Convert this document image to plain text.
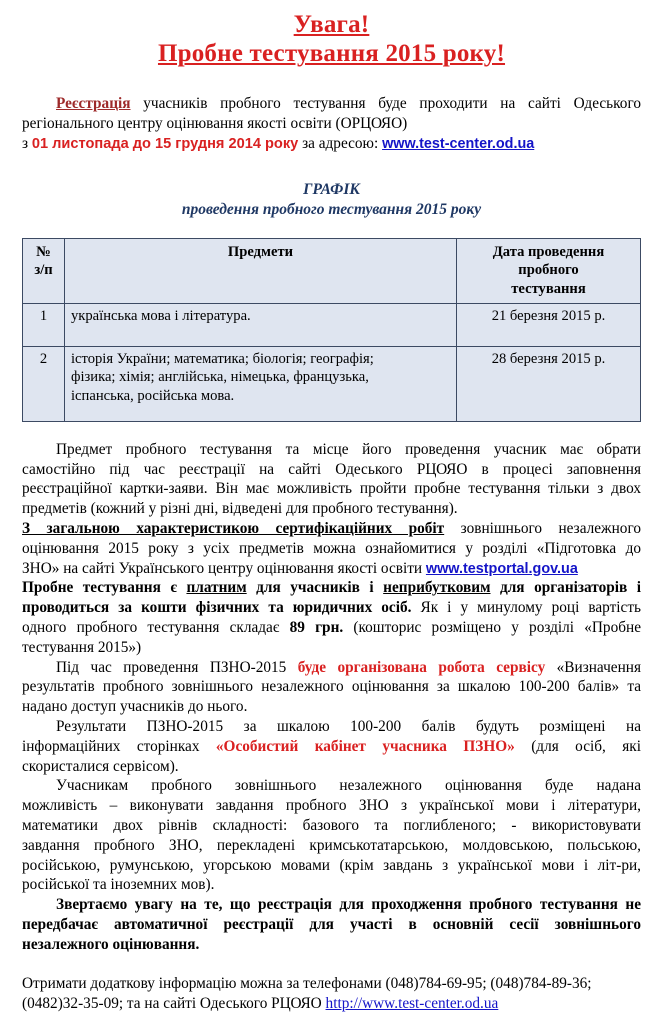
Увага!
Пробне тестування 2015 року!
Реєстрація учасників пробного тестування буде проходити на сайті Одеського
регіонального центру оцінювання якості освіти (ОРЦОЯО)
з 01 листопада до 15 грудня 2014 року за адресою: www.test-center.od.ua
ГРАФІК
проведення пробного тестування 2015 року
№
з/п	Предмети	Дата проведення пробного
тестування
1	українська мова і література.	21 березня 2015 р.
2	історія України; математика; біологія; географія;
фізика; хімія; англійська, німецька, французька,
іспанська, російська мова.	28 березня 2015 р.

Предмет пробного тестування та місце його проведення учасник має обрати
самостійно під час реєстрації на сайті Одеського РЦОЯО в процесі заповнення
реєстраційної картки-заяви. Він має можливість пройти пробне тестування тільки з двох
предметів (кожний у різні дні, відведені для пробного тестування).

З загальною характеристикою сертифікаційних робіт зовнішнього незалежного
оцінювання 2015 року з усіх предметів можна ознайомитися у розділі «Підготовка до
ЗНО» на сайті Українського центру оцінювання якості освіти www.testportal.gov.ua

Пробне тестування є платним для учасників і неприбутковим для організаторів і
проводиться за кошти фізичних та юридичних осіб. Як і у минулому році вартість
одного пробного тестування складає 89 грн. (кошторис розміщено у розділі «Пробне
тестування 2015»)

Під час проведення ПЗНО-2015 буде організована робота сервісу «Визначення
результатів пробного зовнішнього незалежного оцінювання за шкалою 100-200 балів» та
надано доступ учасників до нього.

Результати ПЗНО-2015 за шкалою 100-200 балів будуть розміщені на
інформаційних сторінках «Особистий кабінет учасника ПЗНО» (для осіб, які
скористалися сервісом).

Учасникам пробного зовнішнього незалежного оцінювання буде надана
можливість – виконувати завдання пробного ЗНО з української мови і літератури,
математики двох рівнів складності: базового та поглибленого; - використовувати
завдання пробного ЗНО, перекладені кримськотатарською, молдовською, польською,
російською, румунською, угорською мовами (крім завдань з української мови і літ-ри,
російської та іноземних мов).

Звертаємо увагу на те, що реєстрація для проходження пробного тестування не
передбачає автоматичної реєстрації для участі в основній сесії зовнішнього
незалежного оцінювання.

Отримати додаткову інформацію можна за телефонами (048)784-69-95; (048)784-89-36;
(0482)32-35-09; та на сайті Одеського РЦОЯО http://www.test-center.od.ua
